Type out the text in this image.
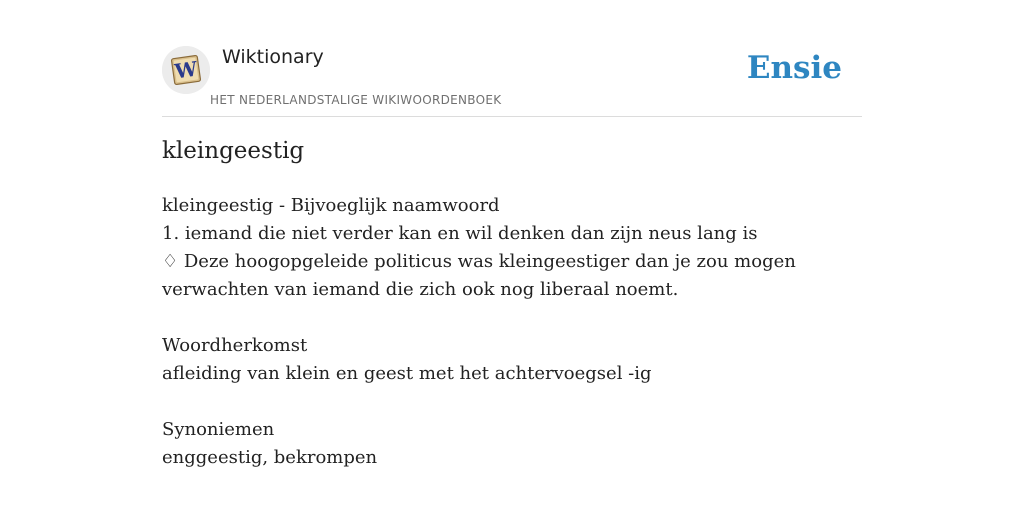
W Wiktionary
HET NEDERLANDSTALIGE WIKIWOORDENBOEK
Ensie
kleingeestig
kleingeestig - Bijvoeglijk naamwoord
1. iemand die niet verder kan en wil denken dan zijn neus lang is
♢ Deze hoogopgeleide politicus was kleingeestiger dan je zou mogen verwachten van iemand die zich ook nog liberaal noemt.
Woordherkomst
afleiding van klein en geest met het achtervoegsel -ig
Synoniemen
enggeestig, bekrompen
